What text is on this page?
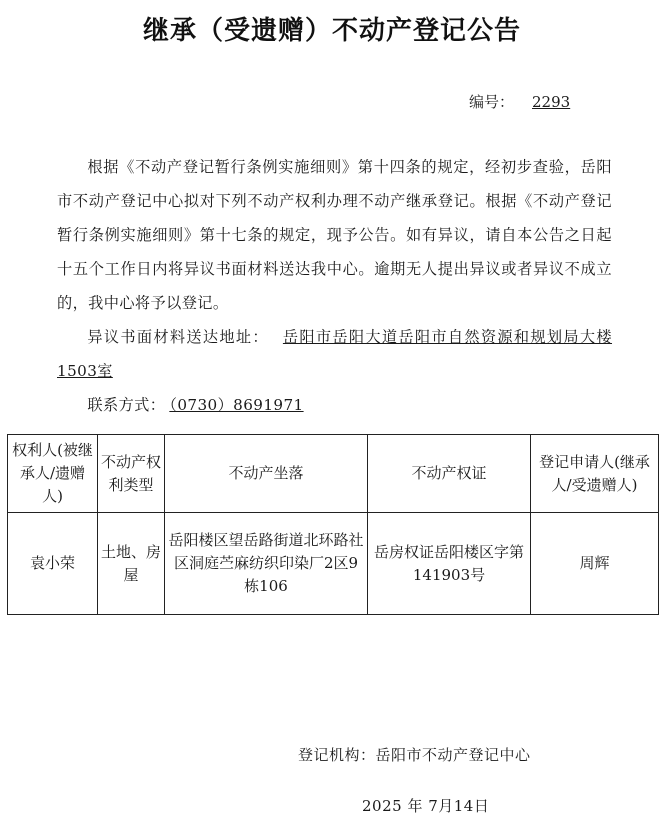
继承（受遗赠）不动产登记公告
编号： 2293

根据《不动产登记暂行条例实施细则》第十四条的规定，经初步查验，岳阳市不动产登记中心拟对下列不动产权利办理不动产继承登记。根据《不动产登记暂行条例实施细则》第十七条的规定，现予公告。如有异议，请自本公告之日起十五个工作日内将异议书面材料送达我中心。逾期无人提出异议或者异议不成立的，我中心将予以登记。

异议书面材料送达地址： 岳阳市岳阳大道岳阳市自然资源和规划局大楼1503室

联系方式： （0730）8691971

权利人(被继承人/遗赠人)	不动产权利类型	不动产坐落	不动产权证	登记申请人(继承人/受遗赠人)
袁小荣	土地、房屋	岳阳楼区望岳路街道北环路社区洞庭苎麻纺织印染厂2区9栋106	岳房权证岳阳楼区字第141903号	周辉
登记机构：岳阳市不动产登记中心
2025 年 7月14日
